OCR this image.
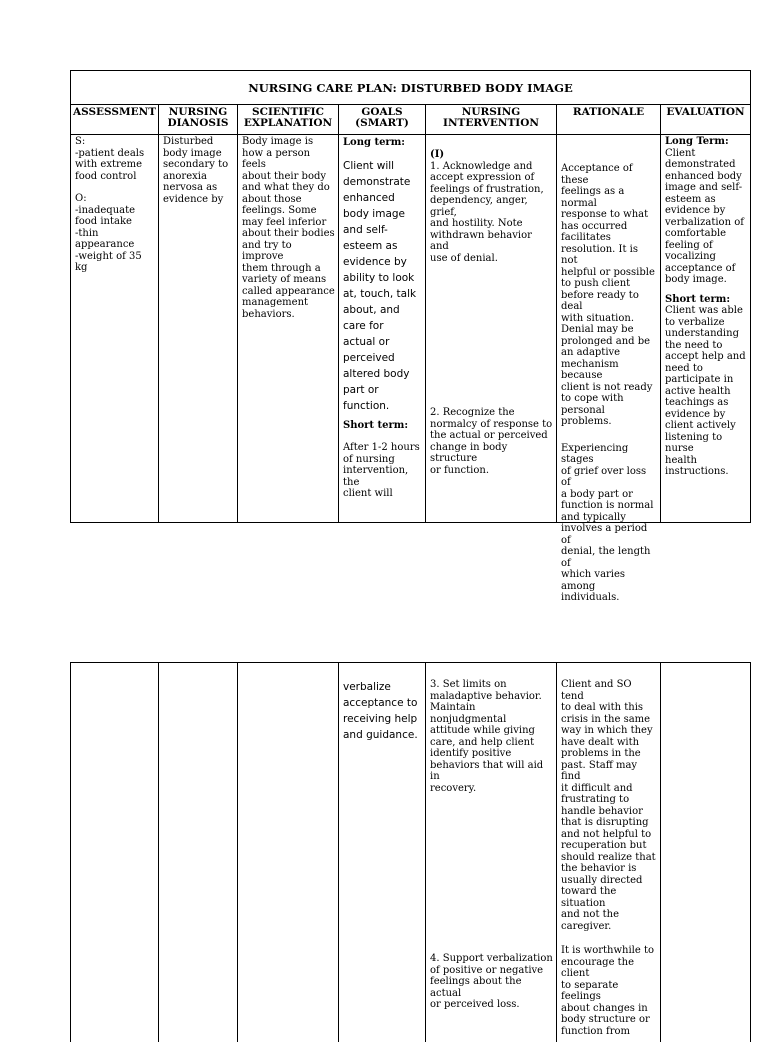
NURSING CARE PLAN: DISTURBED BODY IMAGE
ASSESSMENT
S:
-patient deals
with extreme
food control
O:
-inadequate
food intake
-thin
appearance
-weight of 35
kg
NURSING
DIANOSIS
Disturbed
body image
secondary to
anorexia
nervosa as
evidence by
SCIENTIFIC
EXPLANATION
Body image is
how a person feels
about their body
and what they do
about those
feelings. Some
may feel inferior
about their bodies
and try to improve
them through a
variety of means
called appearance
management
behaviors.
GOALS
(SMART)
Long term:
Client will
demonstrate
enhanced
body image
and self-
esteem as
evidence by
ability to look
at, touch, talk
about, and
care for
actual or
perceived
altered body
part or
function.
Short term:
After 1-2 hours
of nursing
intervention, the
client will
NURSING
INTERVENTION
(I)
1. Acknowledge and
accept expression of
feelings of frustration,
dependency, anger, grief,
and hostility. Note
withdrawn behavior and
use of denial.
2. Recognize the
normalcy of response to
the actual or perceived
change in body structure
or function.
RATIONALE
Acceptance of these
feelings as a normal
response to what
has occurred
facilitates
resolution. It is not
helpful or possible
to push client
before ready to deal
with situation.
Denial may be
prolonged and be
an adaptive
mechanism because
client is not ready
to cope with
personal problems.
Experiencing stages
of grief over loss of
a body part or
function is normal
and typically
involves a period of
denial, the length of
which varies among
individuals.
EVALUATION
Long Term:
Client
demonstrated
enhanced body
image and self-
esteem as
evidence by
verbalization of
comfortable
feeling of
vocalizing
acceptance of
body image.
Short term:
Client was able
to verbalize
understanding
the need to
accept help and
need to
participate in
active health
teachings as
evidence by
client actively
listening to nurse
health
instructions.
verbalize
acceptance to
receiving help
and guidance.
3. Set limits on
maladaptive behavior.
Maintain nonjudgmental
attitude while giving
care, and help client
identify positive
behaviors that will aid in
recovery.
4. Support verbalization
of positive or negative
feelings about the actual
or perceived loss.
Client and SO tend
to deal with this
crisis in the same
way in which they
have dealt with
problems in the
past. Staff may find
it difficult and
frustrating to
handle behavior
that is disrupting
and not helpful to
recuperation but
should realize that
the behavior is
usually directed
toward the situation
and not the
caregiver.
It is worthwhile to
encourage the client
to separate feelings
about changes in
body structure or
function from
